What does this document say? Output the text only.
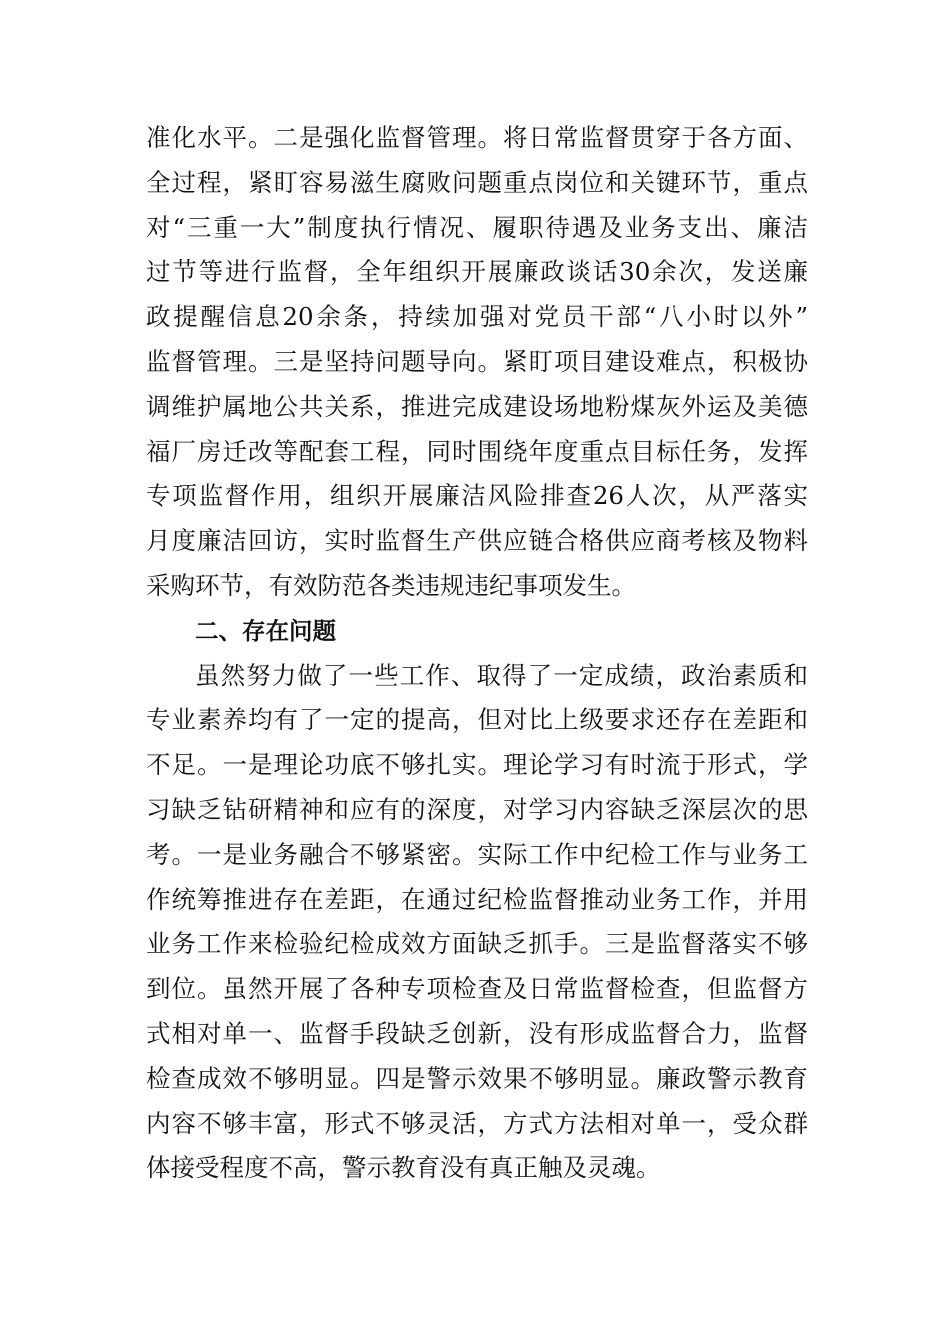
准化水平。二是强化监督管理。将日常监督贯穿于各方面、
全过程，紧盯容易滋生腐败问题重点岗位和关键环节，重点
对“三重一大”制度执行情况、履职待遇及业务支出、廉洁
过节等进行监督，全年组织开展廉政谈话30余次，发送廉
政提醒信息20余条，持续加强对党员干部“八小时以外”
监督管理。三是坚持问题导向。紧盯项目建设难点，积极协
调维护属地公共关系，推进完成建设场地粉煤灰外运及美德
福厂房迁改等配套工程，同时围绕年度重点目标任务，发挥
专项监督作用，组织开展廉洁风险排查26人次，从严落实
月度廉洁回访，实时监督生产供应链合格供应商考核及物料
采购环节，有效防范各类违规违纪事项发生。
二、存在问题
虽然努力做了一些工作、取得了一定成绩，政治素质和
专业素养均有了一定的提高，但对比上级要求还存在差距和
不足。一是理论功底不够扎实。理论学习有时流于形式，学
习缺乏钻研精神和应有的深度，对学习内容缺乏深层次的思
考。一是业务融合不够紧密。实际工作中纪检工作与业务工
作统筹推进存在差距，在通过纪检监督推动业务工作，并用
业务工作来检验纪检成效方面缺乏抓手。三是监督落实不够
到位。虽然开展了各种专项检查及日常监督检查，但监督方
式相对单一、监督手段缺乏创新，没有形成监督合力，监督
检查成效不够明显。四是警示效果不够明显。廉政警示教育
内容不够丰富，形式不够灵活，方式方法相对单一，受众群
体接受程度不高，警示教育没有真正触及灵魂。
